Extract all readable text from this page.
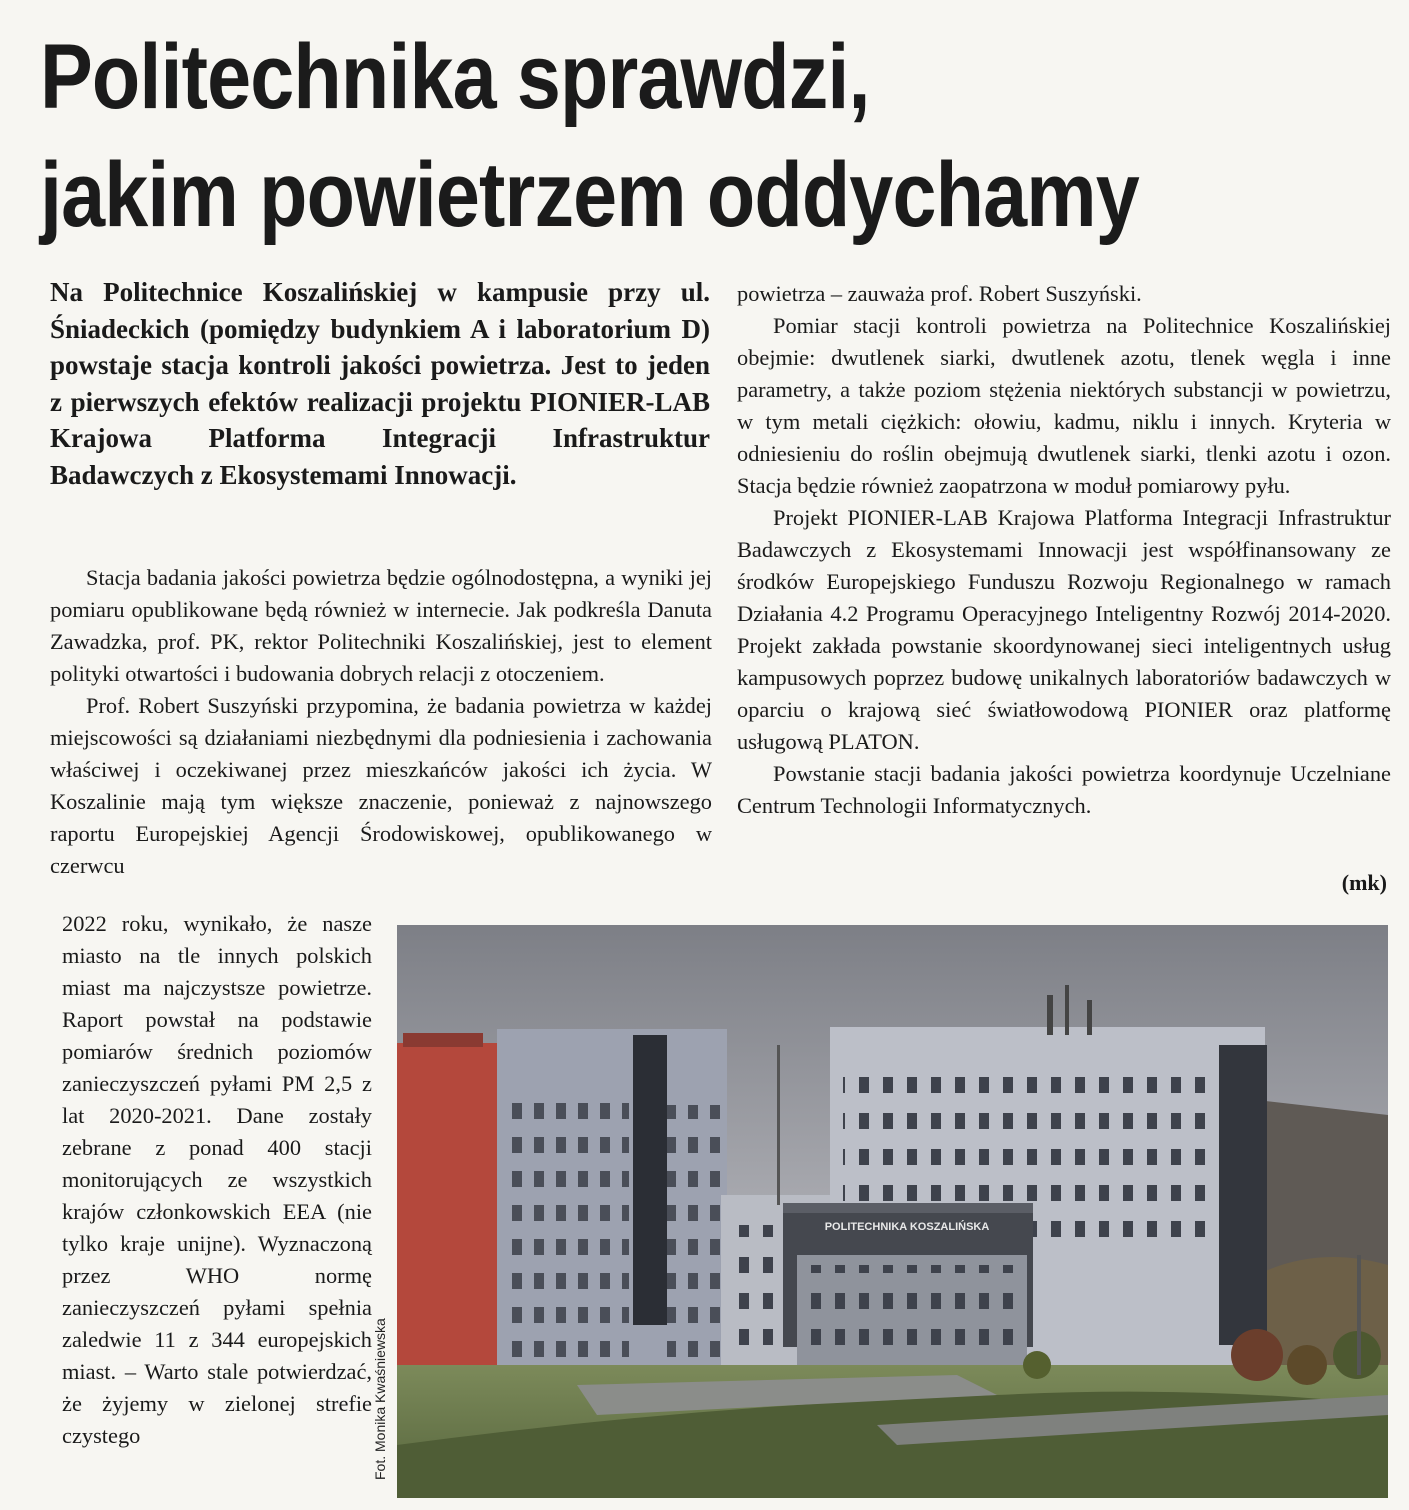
Politechnika sprawdzi,
jakim powietrzem oddychamy

Na Politechnice Koszalińskiej w kampusie przy ul. Śniadeckich (pomiędzy budynkiem A i laboratorium D) powstaje stacja kontroli jakości powietrza. Jest to jeden z pierwszych efektów realizacji projektu PIONIER-LAB Krajowa Platforma Integracji Infrastruktur Badawczych z Ekosystemami Innowacji.

Stacja badania jakości powietrza będzie ogólnodostępna, a wyniki jej pomiaru opublikowane będą również w internecie. Jak podkreśla Danuta Zawadzka, prof. PK, rektor Politechniki Koszalińskiej, jest to element polityki otwartości i budowania dobrych relacji z otoczeniem.

Prof. Robert Suszyński przypomina, że badania powietrza w każdej miejscowości są działaniami niezbędnymi dla podniesienia i zachowania właściwej i oczekiwanej przez mieszkańców jakości ich życia. W Koszalinie mają tym większe znaczenie, ponieważ z najnowszego raportu Europejskiej Agencji Środowiskowej, opublikowanego w czerwcu

2022 roku, wynikało, że nasze miasto na tle innych polskich miast ma najczystsze powietrze. Raport powstał na podstawie pomiarów średnich poziomów zanieczyszczeń pyłami PM 2,5 z lat 2020-2021. Dane zostały zebrane z ponad 400 stacji monitorujących ze wszystkich krajów członkowskich EEA (nie tylko kraje unijne). Wyznaczoną przez WHO normę zanieczyszczeń pyłami spełnia zaledwie 11 z 344 europejskich miast. – Warto stale potwierdzać, że żyjemy w zielonej strefie czystego

powietrza – zauważa prof. Robert Suszyński.

Pomiar stacji kontroli powietrza na Politechnice Koszalińskiej obejmie: dwutlenek siarki, dwutlenek azotu, tlenek węgla i inne parametry, a także poziom stężenia niektórych substancji w powietrzu, w tym metali ciężkich: ołowiu, kadmu, niklu i innych. Kryteria w odniesieniu do roślin obejmują dwutlenek siarki, tlenki azotu i ozon. Stacja będzie również zaopatrzona w moduł pomiarowy pyłu.

Projekt PIONIER-LAB Krajowa Platforma Integracji Infrastruktur Badawczych z Ekosystemami Innowacji jest współfinansowany ze środków Europejskiego Funduszu Rozwoju Regionalnego w ramach Działania 4.2 Programu Operacyjnego Inteligentny Rozwój 2014-2020. Projekt zakłada powstanie skoordynowanej sieci inteligentnych usług kampusowych poprzez budowę unikalnych laboratoriów badawczych w oparciu o krajową sieć światłowodową PIONIER oraz platformę usługową PLATON.

Powstanie stacji badania jakości powietrza koordynuje Uczelniane Centrum Technologii Informatycznych.

(mk)

Fot. Monika Kwaśniewska
POLITECHNIKA KOSZALIŃSKA
